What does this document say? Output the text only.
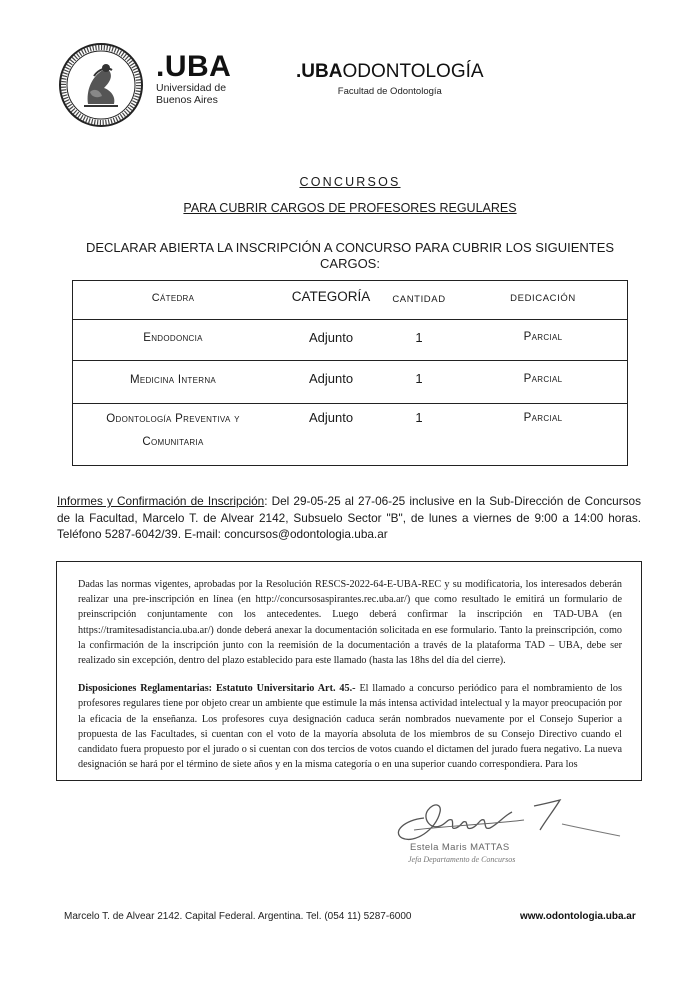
.UBA
Universidad de
Buenos Aires
.UBAODONTOLOGÍA
Facultad de Odontología
CONCURSOS
PARA CUBRIR CARGOS DE PROFESORES REGULARES
DECLARAR ABIERTA LA INSCRIPCIÓN A CONCURSO PARA CUBRIR LOS SIGUIENTES
CARGOS:
Cátedra	CATEGORÍA	CANTIDAD	DEDICACIÓN
Endodoncia	Adjunto	1	Parcial
Medicina Interna	Adjunto	1	Parcial
Odontología Preventiva y
Comunitaria
Adjunto	1	Parcial
Informes y Confirmación de Inscripción: Del 29-05-25 al 27-06-25 inclusive en la Sub-Dirección de Concursos de la Facultad, Marcelo T. de Alvear 2142, Subsuelo Sector "B", de lunes a viernes de 9:00 a 14:00 horas. Teléfono 5287-6042/39. E-mail: concursos@odontologia.uba.ar

Dadas las normas vigentes, aprobadas por la Resolución RESCS-2022-64-E-UBA-REC y su modificatoria, los interesados deberán realizar una pre-inscripción en línea (en http://concursosaspirantes.rec.uba.ar/) que como resultado le emitirá un formulario de preinscripción conjuntamente con los antecedentes. Luego deberá confirmar la inscripción en TAD-UBA (en https://tramitesadistancia.uba.ar/) donde deberá anexar la documentación solicitada en ese formulario. Tanto la preinscripción, como la confirmación de la inscripción junto con la reemisión de la documentación a través de la plataforma TAD – UBA, debe ser realizado sin excepción, dentro del plazo establecido para este llamado (hasta las 18hs del día del cierre).

Disposiciones Reglamentarias: Estatuto Universitario Art. 45.- El llamado a concurso periódico para el nombramiento de los profesores regulares tiene por objeto crear un ambiente que estimule la más intensa actividad intelectual y la mayor preocupación por la eficacia de la enseñanza. Los profesores cuya designación caduca serán nombrados nuevamente por el Consejo Superior a propuesta de las Facultades, si cuentan con el voto de la mayoría absoluta de los miembros de su Consejo Directivo cuando el candidato fuera propuesto por el jurado o si cuentan con dos tercios de votos cuando el dictamen del jurado fuera negativo. La nueva designación se hará por el término de siete años y en la misma categoría o en una superior cuando correspondiera. Para los

Estela Maris MATTAS
Jefa Departamento de Concursos
Marcelo T. de Alvear 2142. Capital Federal. Argentina. Tel. (054 11) 5287-6000	www.odontologia.uba.ar
